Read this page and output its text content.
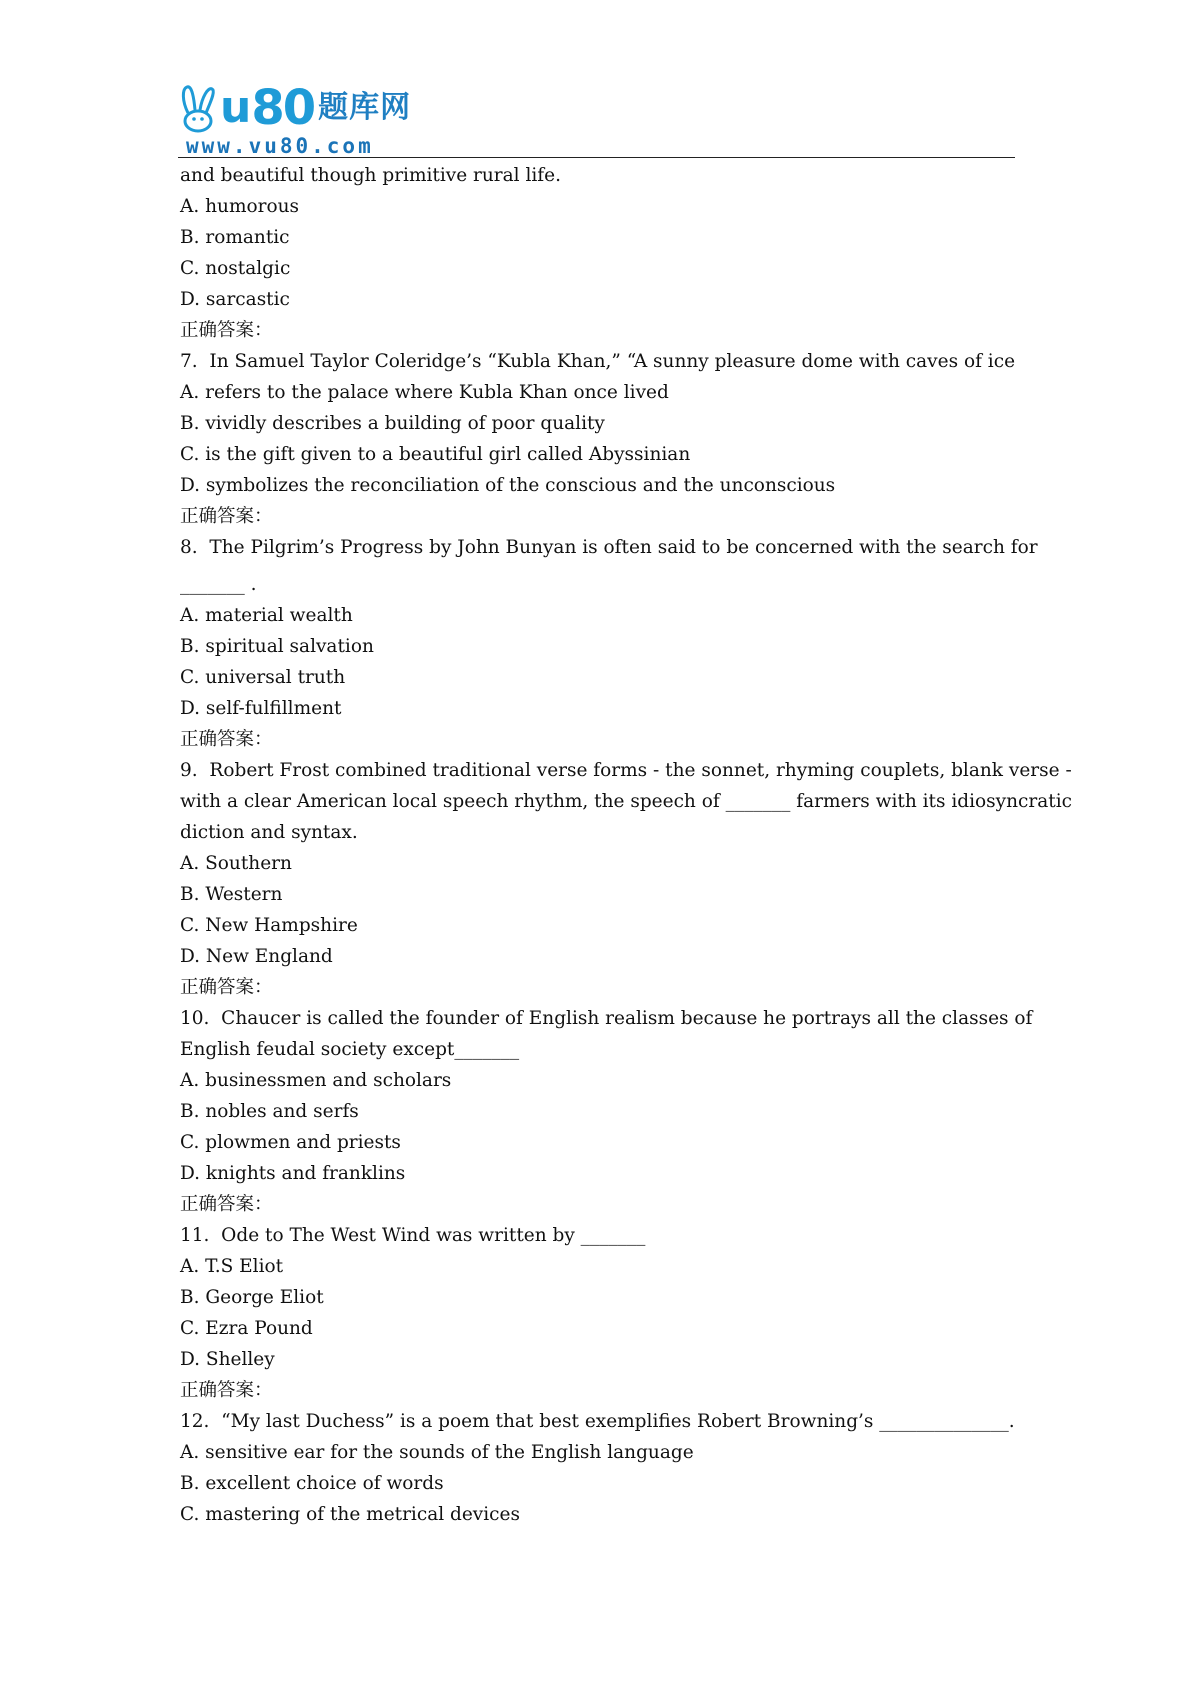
u 80 题库网
www.vu80.com
and beautiful though primitive rural life.
A. humorous
B. romantic
C. nostalgic
D. sarcastic
正确答案：
7.  In Samuel Taylor Coleridge’s “Kubla Khan,” “A sunny pleasure dome with caves of ice
A. refers to the palace where Kubla Khan once lived
B. vividly describes a building of poor quality
C. is the gift given to a beautiful girl called Abyssinian
D. symbolizes the reconciliation of the conscious and the unconscious
正确答案：
8.  The Pilgrim’s Progress by John Bunyan is often said to be concerned with the search for
_______ .
A. material wealth
B. spiritual salvation
C. universal truth
D. self-fulfillment
正确答案：
9.  Robert Frost combined traditional verse forms - the sonnet, rhyming couplets, blank verse -
with a clear American local speech rhythm, the speech of _______ farmers with its idiosyncratic
diction and syntax.
A. Southern
B. Western
C. New Hampshire
D. New England
正确答案：
10.  Chaucer is called the founder of English realism because he portrays all the classes of
English feudal society except_______
A. businessmen and scholars
B. nobles and serfs
C. plowmen and priests
D. knights and franklins
正确答案：
11.  Ode to The West Wind was written by _______
A. T.S Eliot
B. George Eliot
C. Ezra Pound
D. Shelley
正确答案：
12.  “My last Duchess” is a poem that best exemplifies Robert Browning’s ______________.
A. sensitive ear for the sounds of the English language
B. excellent choice of words
C. mastering of the metrical devices
